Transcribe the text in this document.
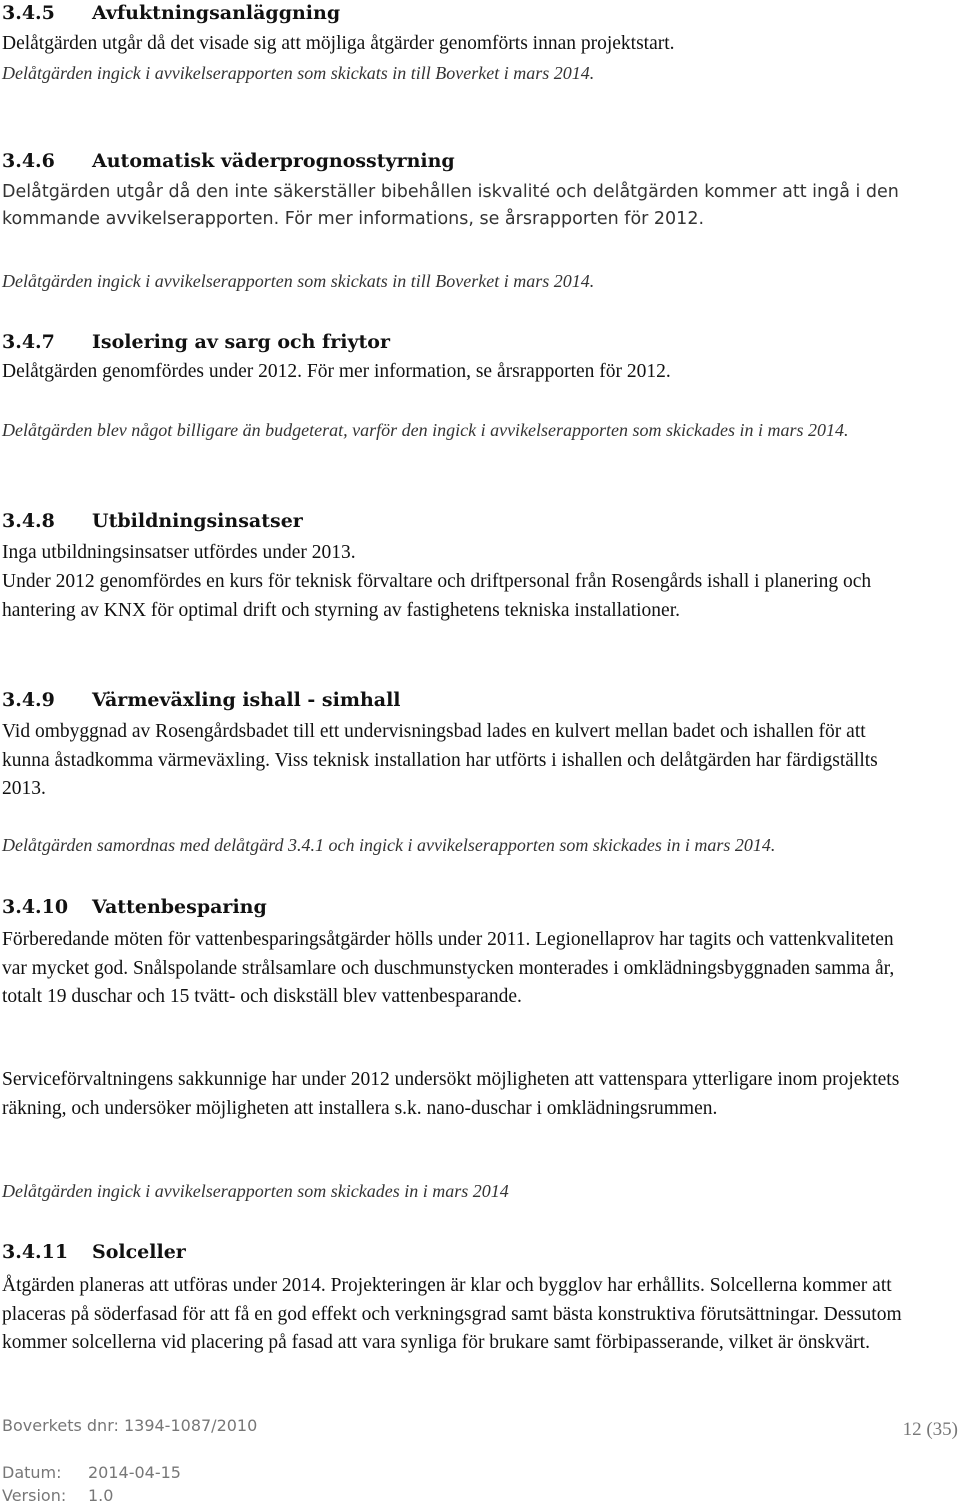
3.4.5 Avfuktningsanläggning
Delåtgärden utgår då det visade sig att möjliga åtgärder genomförts innan projektstart.
Delåtgärden ingick i avvikelserapporten som skickats in till Boverket i mars 2014.
3.4.6 Automatisk väderprognosstyrning
Delåtgärden utgår då den inte säkerställer bibehållen iskvalité och delåtgärden kommer att ingå i den kommande avvikelserapporten. För mer informations, se årsrapporten för 2012.
Delåtgärden ingick i avvikelserapporten som skickats in till Boverket i mars 2014.
3.4.7 Isolering av sarg och friytor
Delåtgärden genomfördes under 2012. För mer information, se årsrapporten för 2012.
Delåtgärden blev något billigare än budgeterat, varför den ingick i avvikelserapporten som skickades in i mars 2014.
3.4.8 Utbildningsinsatser
Inga utbildningsinsatser utfördes under 2013.
Under 2012 genomfördes en kurs för teknisk förvaltare och driftpersonal från Rosengårds ishall i planering och hantering av KNX för optimal drift och styrning av fastighetens tekniska installationer.
3.4.9 Värmeväxling ishall - simhall
Vid ombyggnad av Rosengårdsbadet till ett undervisningsbad lades en kulvert mellan badet och ishallen för att kunna åstadkomma värmeväxling. Viss teknisk installation har utförts i ishallen och delåtgärden har färdigställts 2013.
Delåtgärden samordnas med delåtgärd 3.4.1 och ingick i avvikelserapporten som skickades in i mars 2014.
3.4.10 Vattenbesparing
Förberedande möten för vattenbesparingsåtgärder hölls under 2011. Legionellaprov har tagits och vattenkvaliteten var mycket god. Snålspolande strålsamlare och duschmunstycken monterades i omklädningsbyggnaden samma år, totalt 19 duschar och 15 tvätt- och diskställ blev vattenbesparande.
Serviceförvaltningens sakkunnige har under 2012 undersökt möjligheten att vattenspara ytterligare inom projektets räkning, och undersöker möjligheten att installera s.k. nano-duschar i omklädningsrummen.
Delåtgärden ingick i avvikelserapporten som skickades in i mars 2014
3.4.11 Solceller
Åtgärden planeras att utföras under 2014. Projekteringen är klar och bygglov har erhållits. Solcellerna kommer att placeras på söderfasad för att få en god effekt och verkningsgrad samt bästa konstruktiva förutsättningar. Dessutom kommer solcellerna vid placering på fasad att vara synliga för brukare samt förbipasserande, vilket är önskvärt.
Boverkets dnr: 1394-1087/2010	12 (35)
Datum:	2014-04-15
Version:	1.0
